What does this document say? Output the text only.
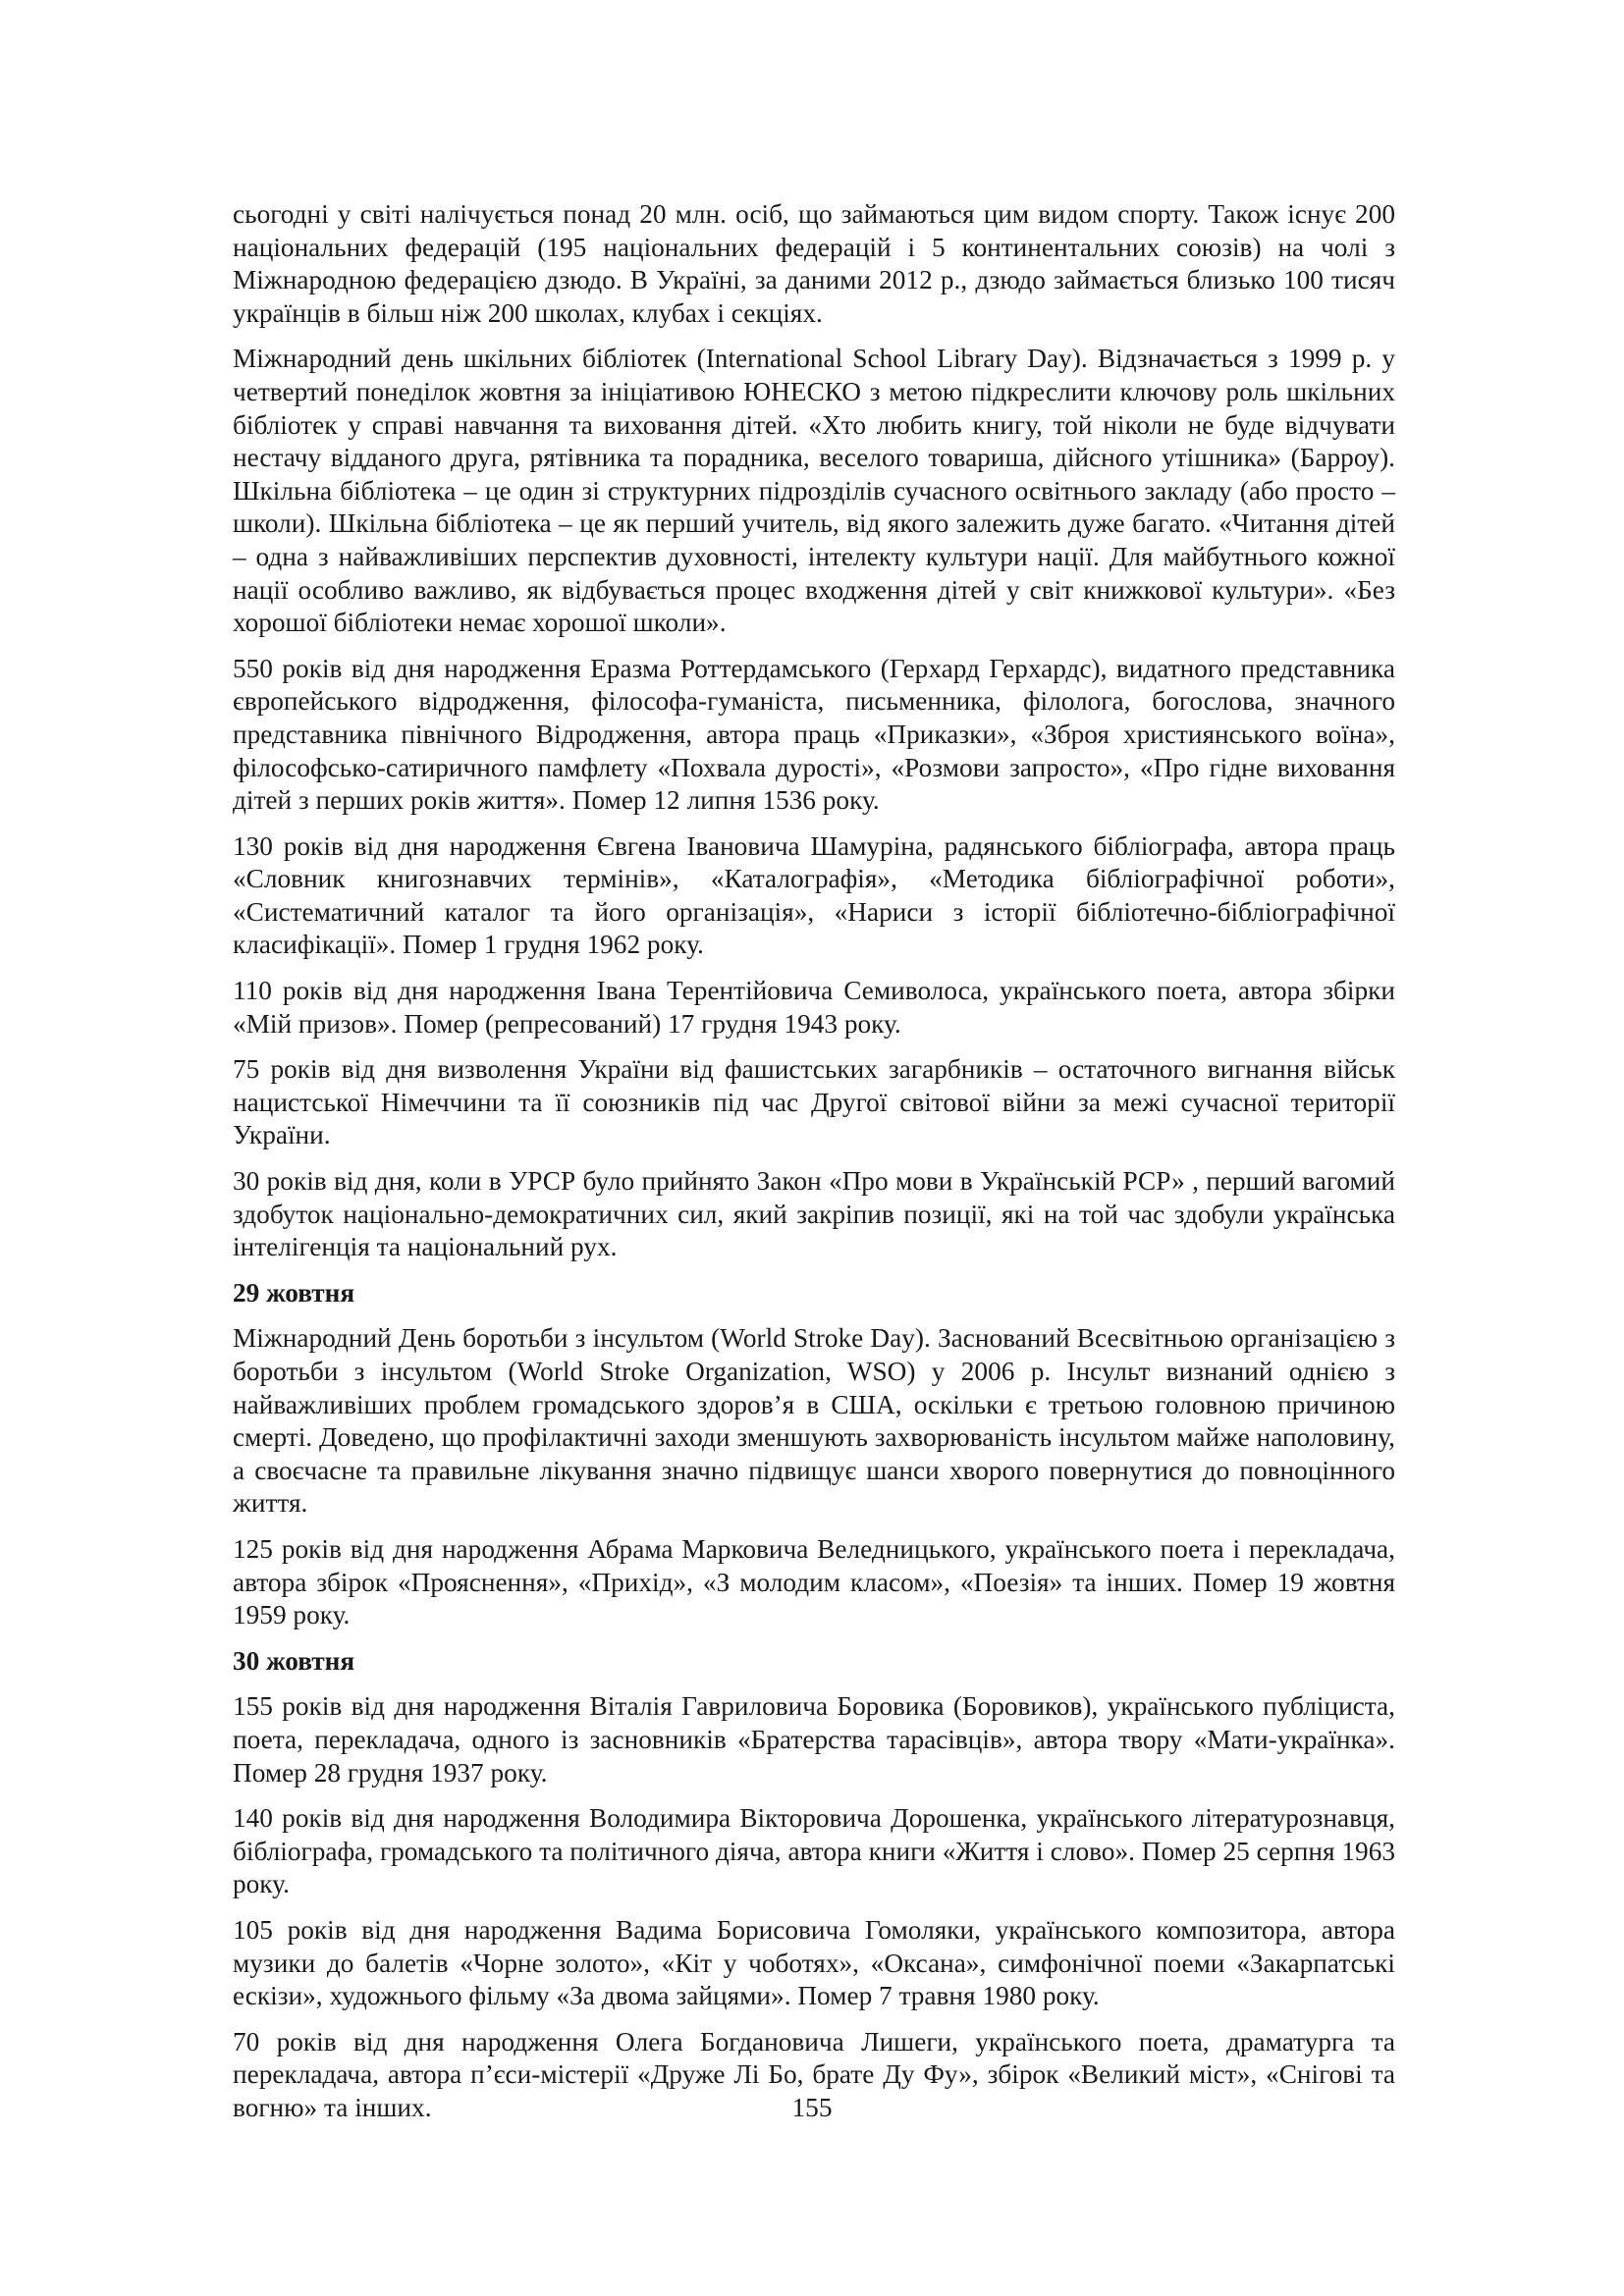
сьогодні у світі налічується понад 20 млн. осіб, що займаються цим видом спорту. Також існує 200 національних федерацій (195 національних федерацій і 5 континентальних союзів) на чолі з Міжнародною федерацією дзюдо. В Україні, за даними 2012 р., дзюдо займається близько 100 тисяч українців в більш ніж 200 школах, клубах і секціях.

Міжнародний день шкільних бібліотек (International School Library Day). Відзначається з 1999 р. у четвертий понеділок жовтня за ініціативою ЮНЕСКО з метою підкреслити ключову роль шкільних бібліотек у справі навчання та виховання дітей. «Хто любить книгу, той ніколи не буде відчувати нестачу відданого друга, рятівника та порадника, веселого товариша, дійсного утішника» (Барроу). Шкільна бібліотека – це один зі структурних підрозділів сучасного освітнього закладу (або просто – школи). Шкільна бібліотека – це як перший учитель, від якого залежить дуже багато. «Читання дітей – одна з найважливіших перспектив духовності, інтелекту культури нації. Для майбутнього кожної нації особливо важливо, як відбувається процес входження дітей у світ книжкової культури». «Без хорошої бібліотеки немає хорошої школи».

550 років від дня народження Еразма Роттердамського (Герхард Герхардс), видатного представника європейського відродження, філософа-гуманіста, письменника, філолога, богослова, значного представника північного Відродження, автора праць «Приказки», «Зброя християнського воїна», філософсько-сатиричного памфлету «Похвала дурості», «Розмови запросто», «Про гідне виховання дітей з перших років життя». Помер 12 липня 1536 року.

130 років від дня народження Євгена Івановича Шамуріна, радянського бібліографа, автора праць «Словник книгознавчих термінів», «Каталографія», «Методика бібліографічної роботи», «Систематичний каталог та його організація», «Нариси з історії бібліотечно-бібліографічної класифікації». Помер 1 грудня 1962 року.

110 років від дня народження Івана Терентійовича Семиволоса, українського поета, автора збірки «Мій призов». Помер (репресований) 17 грудня 1943 року.

75 років від дня визволення України від фашистських загарбників – остаточного вигнання військ нацистської Німеччини та її союзників під час Другої світової війни за межі сучасної території України.

30 років від дня, коли в УРСР було прийнято Закон «Про мови в Українській РСР» , перший вагомий здобуток національно-демократичних сил, який закріпив позиції, які на той час здобули українська інтелігенція та національний рух.

29 жовтня

Міжнародний День боротьби з інсультом (World Stroke Day). Заснований Всесвітньою організацією з боротьби з інсультом (World Stroke Organization, WSO) у 2006 р. Інсульт визнаний однією з найважливіших проблем громадського здоров’я в США, оскільки є третьою головною причиною смерті. Доведено, що профілактичні заходи зменшують захворюваність інсультом майже наполовину, а своєчасне та правильне лікування значно підвищує шанси хворого повернутися до повноцінного життя.

125 років від дня народження Абрама Марковича Веледницького, українського поета і перекладача, автора збірок «Прояснення», «Прихід», «З молодим класом», «Поезія» та інших. Помер 19 жовтня 1959 року.

30 жовтня

155 років від дня народження Віталія Гавриловича Боровика (Боровиков), українського публіциста, поета, перекладача, одного із засновників «Братерства тарасівців», автора твору «Мати-українка». Помер 28 грудня 1937 року.

140 років від дня народження Володимира Вікторовича Дорошенка, українського літературознавця, бібліографа, громадського та політичного діяча, автора книги «Життя і слово». Помер 25 серпня 1963 року.

105 років від дня народження Вадима Борисовича Гомоляки, українського композитора, автора музики до балетів «Чорне золото», «Кіт у чоботях», «Оксана», симфонічної поеми «Закарпатські ескізи», художнього фільму «За двома зайцями». Помер 7 травня 1980 року.

70 років від дня народження Олега Богдановича Лишеги, українського поета, драматурга та перекладача, автора п’єси-містерії «Друже Лі Бо, брате Ду Фу», збірок «Великий міст», «Снігові та вогню» та інших.	155
